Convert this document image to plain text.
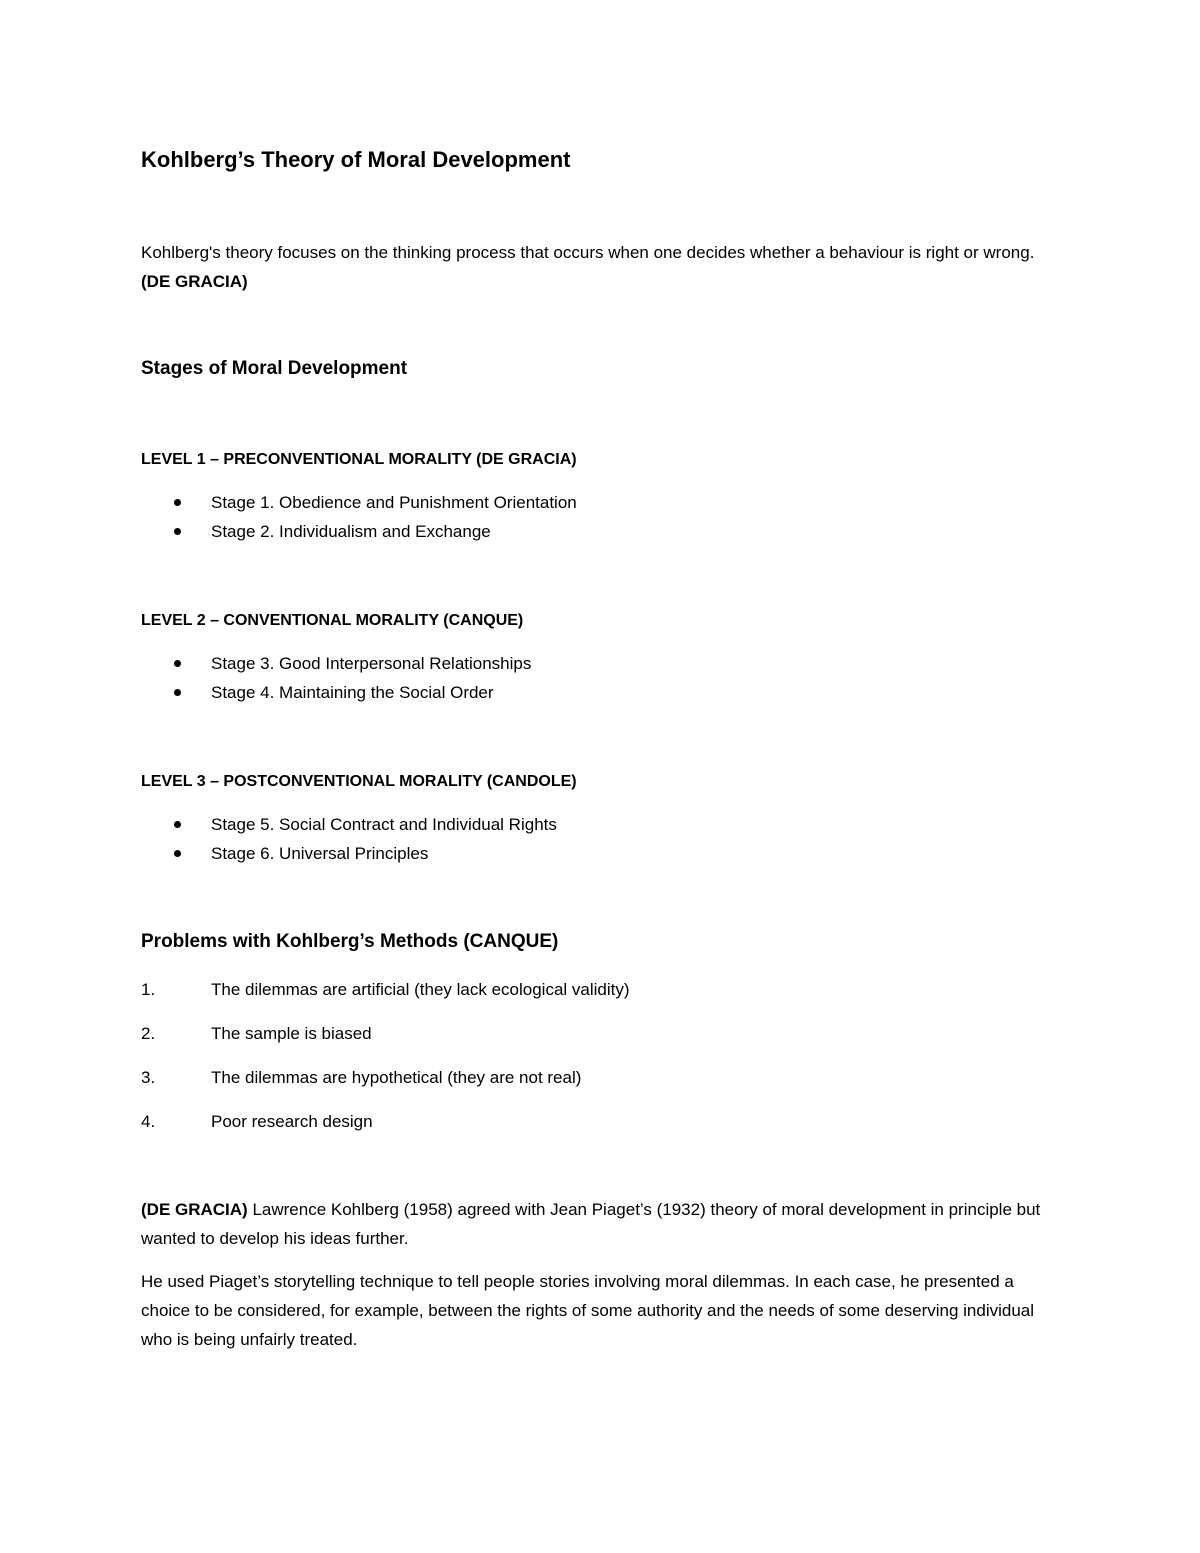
Kohlberg’s Theory of Moral Development

Kohlberg's theory focuses on the thinking process that occurs when one decides whether a behaviour is right or wrong. (DE GRACIA)

Stages of Moral Development
LEVEL 1 – PRECONVENTIONAL MORALITY (DE GRACIA)
Stage 1. Obedience and Punishment Orientation
Stage 2. Individualism and Exchange
LEVEL 2 – CONVENTIONAL MORALITY (CANQUE)
Stage 3. Good Interpersonal Relationships
Stage 4. Maintaining the Social Order
LEVEL 3 – POSTCONVENTIONAL MORALITY (CANDOLE)
Stage 5. Social Contract and Individual Rights
Stage 6. Universal Principles
Problems with Kohlberg’s Methods (CANQUE)
1.	The dilemmas are artificial (they lack ecological validity)
2.	The sample is biased
3.	The dilemmas are hypothetical (they are not real)
4.	Poor research design

(DE GRACIA) Lawrence Kohlberg (1958) agreed with Jean Piaget’s (1932) theory of moral development in principle but wanted to develop his ideas further.

He used Piaget’s storytelling technique to tell people stories involving moral dilemmas. In each case, he presented a choice to be considered, for example, between the rights of some authority and the needs of some deserving individual who is being unfairly treated.
